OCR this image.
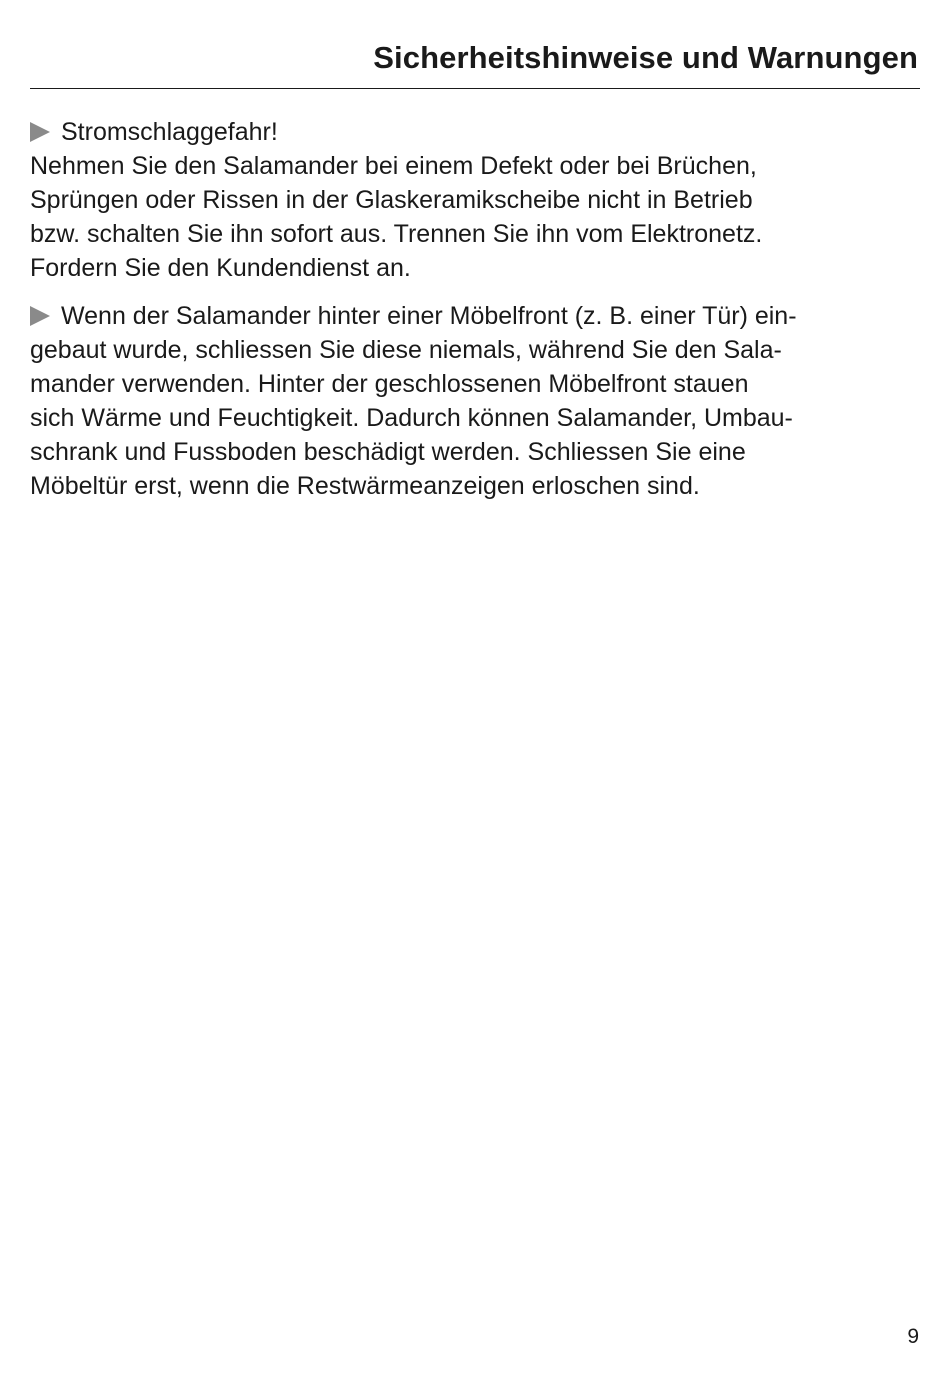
Sicherheitshinweise und Warnungen
Stromschlaggefahr!
Nehmen Sie den Salamander bei einem Defekt oder bei Brüchen,
Sprüngen oder Rissen in der Glaskeramikscheibe nicht in Betrieb
bzw. schalten Sie ihn sofort aus. Trennen Sie ihn vom Elektronetz.
Fordern Sie den Kundendienst an.
Wenn der Salamander hinter einer Möbelfront (z. B. einer Tür) ein-
gebaut wurde, schliessen Sie diese niemals, während Sie den Sala-
mander verwenden. Hinter der geschlossenen Möbelfront stauen
sich Wärme und Feuchtigkeit. Dadurch können Salamander, Umbau-
schrank und Fussboden beschädigt werden. Schliessen Sie eine
Möbeltür erst, wenn die Restwärmeanzeigen erloschen sind.
9
